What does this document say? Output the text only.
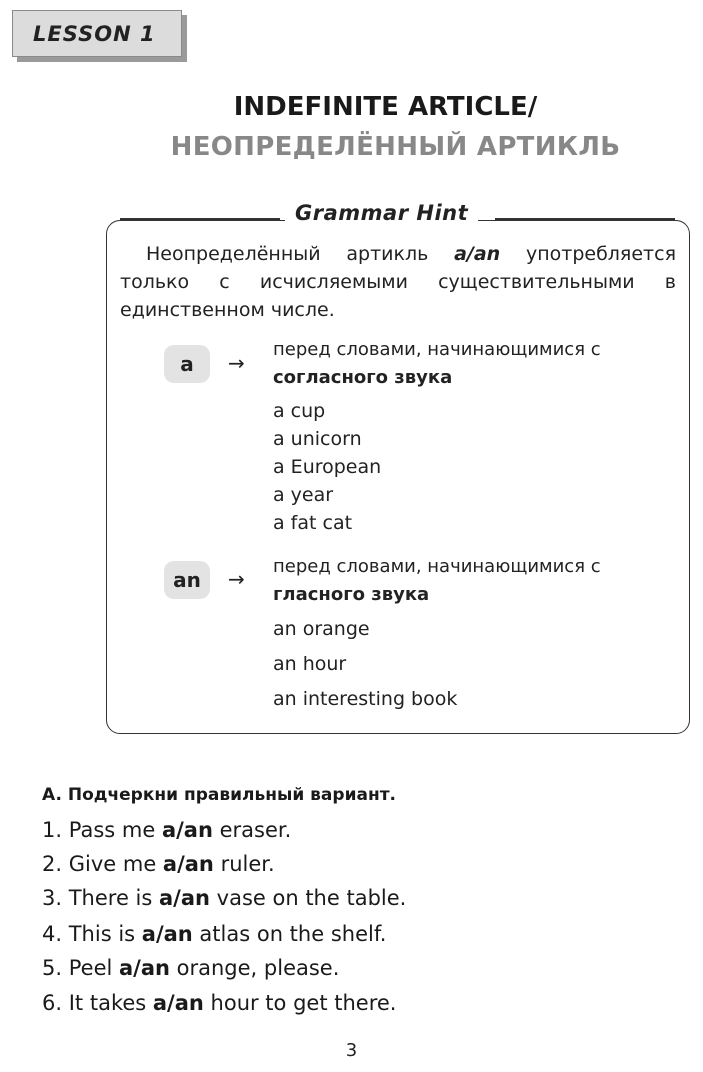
LESSON 1
INDEFINITE ARTICLE/
НЕОПРЕДЕЛЁННЫЙ АРТИКЛЬ
Grammar Hint
Неопределённый артикль a/an употребляется только с исчисляемыми существительными в единственном числе.
a	→
перед словами, начинающимися с согласного звука
a cup
a unicorn
a European
a year
a fat cat
an	→
перед словами, начинающимися с гласного звука
an orange
an hour
an interesting book
A. Подчеркни правильный вариант.
1. Pass me a/an eraser.
2. Give me a/an ruler.
3. There is a/an vase on the table.
4. This is a/an atlas on the shelf.
5. Peel a/an orange, please.
6. It takes a/an hour to get there.
3
